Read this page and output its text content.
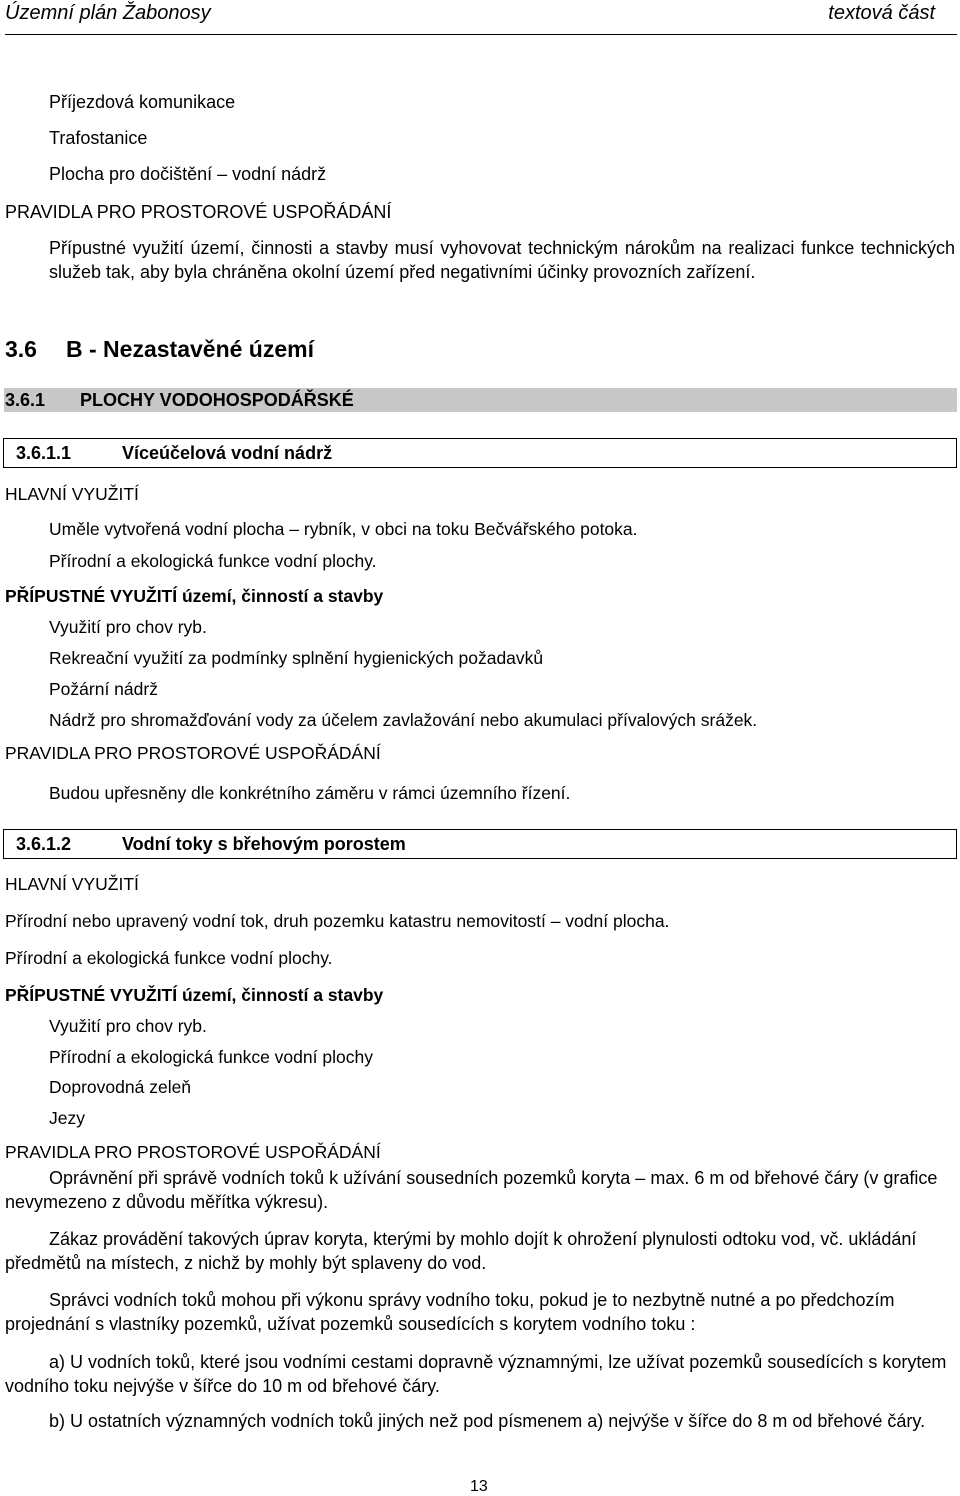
Územní plán Žabonosy	textová část
Příjezdová komunikace
Trafostanice
Plocha pro dočištění – vodní nádrž
PRAVIDLA PRO PROSTOROVÉ USPOŘÁDÁNÍ
Přípustné využití území, činnosti a stavby musí vyhovovat technickým nárokům na realizaci funkce technických služeb tak, aby byla chráněna okolní území před negativními účinky provozních zařízení.
3.6 B - Nezastavěné území
3.6.1 PLOCHY VODOHOSPODÁŘSKÉ
3.6.1.1	Víceúčelová vodní nádrž
HLAVNÍ VYUŽITÍ
Uměle vytvořená vodní plocha – rybník, v obci na toku Bečvářského potoka.
Přírodní a ekologická funkce vodní plochy.
PŘÍPUSTNÉ VYUŽITÍ území, činností a stavby
Využití pro chov ryb.
Rekreační využití za podmínky splnění hygienických požadavků
Požární nádrž
Nádrž pro shromažďování vody za účelem zavlažování nebo akumulaci přívalových srážek.
PRAVIDLA PRO PROSTOROVÉ USPOŘÁDÁNÍ
Budou upřesněny dle konkrétního záměru v rámci územního řízení.
3.6.1.2	Vodní toky s břehovým porostem
HLAVNÍ VYUŽITÍ
Přírodní nebo upravený vodní tok, druh pozemku katastru nemovitostí – vodní plocha.
Přírodní a ekologická funkce vodní plochy.
PŘÍPUSTNÉ VYUŽITÍ území, činností a stavby
Využití pro chov ryb.
Přírodní a ekologická funkce vodní plochy
Doprovodná zeleň
Jezy
PRAVIDLA PRO PROSTOROVÉ USPOŘÁDÁNÍ
Oprávnění při správě vodních toků k užívání sousedních pozemků koryta – max. 6 m od břehové čáry (v grafice nevymezeno z důvodu měřítka výkresu).
Zákaz provádění takových úprav koryta, kterými by mohlo dojít k ohrožení plynulosti odtoku vod, vč. ukládání předmětů na místech, z nichž by mohly být splaveny do vod.
Správci vodních toků mohou při výkonu správy vodního toku, pokud je to nezbytně nutné a po předchozím projednání s vlastníky pozemků, užívat pozemků sousedících s korytem vodního toku :
a) U vodních toků, které jsou vodními cestami dopravně významnými, lze užívat pozemků sousedících s korytem vodního toku nejvýše v šířce do 10 m od břehové čáry.
b) U ostatních významných vodních toků jiných než pod písmenem a) nejvýše v šířce do 8 m od břehové čáry.
13
